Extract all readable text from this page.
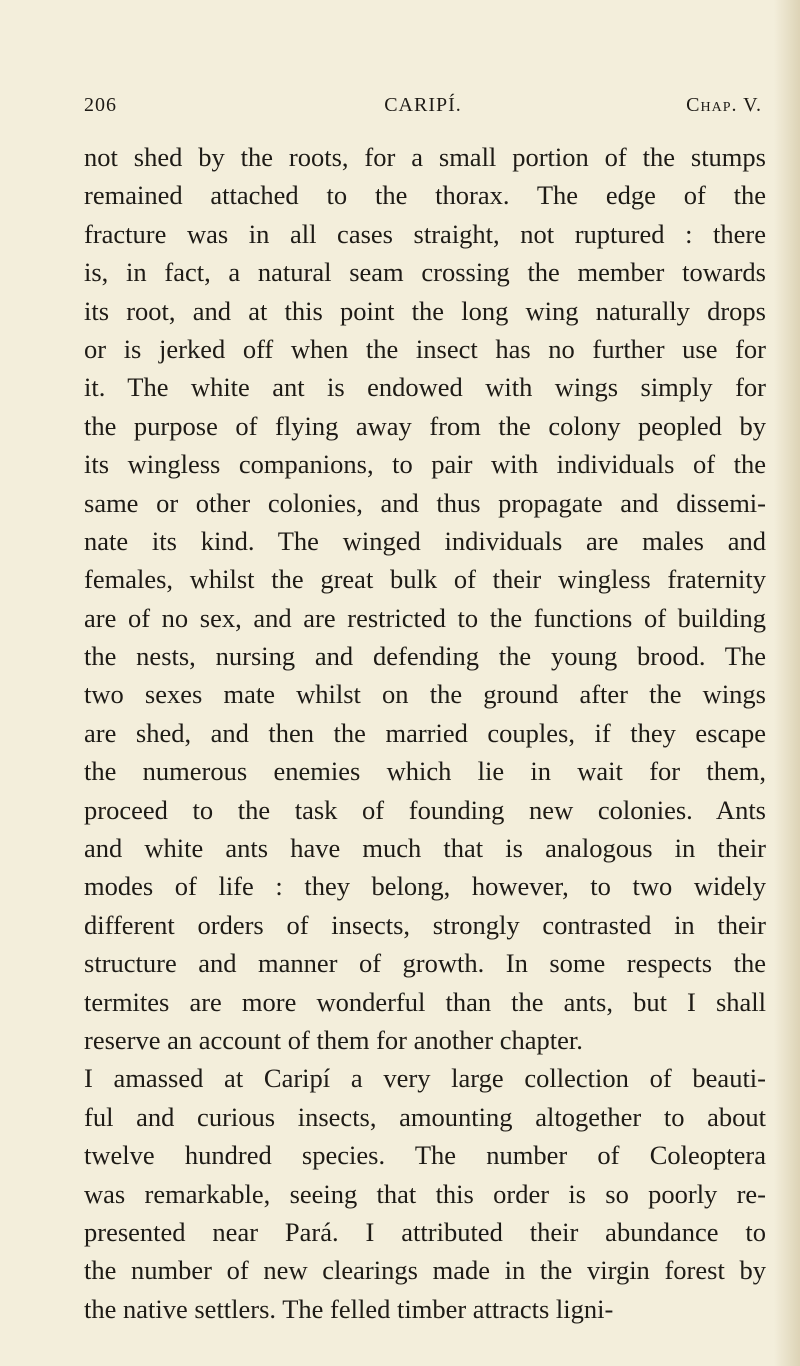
206	CARIPÍ.	Chap. V.
not shed by the roots, for a small portion of the stumps
remained attached to the thorax. The edge of the
fracture was in all cases straight, not ruptured : there
is, in fact, a natural seam crossing the member towards
its root, and at this point the long wing naturally drops
or is jerked off when the insect has no further use for
it. The white ant is endowed with wings simply for
the purpose of flying away from the colony peopled by
its wingless companions, to pair with individuals of the
same or other colonies, and thus propagate and dissemi-
nate its kind. The winged individuals are males and
females, whilst the great bulk of their wingless fraternity
are of no sex, and are restricted to the functions of building
the nests, nursing and defending the young brood. The
two sexes mate whilst on the ground after the wings
are shed, and then the married couples, if they escape
the numerous enemies which lie in wait for them,
proceed to the task of founding new colonies. Ants
and white ants have much that is analogous in their
modes of life : they belong, however, to two widely
different orders of insects, strongly contrasted in their
structure and manner of growth. In some respects the
termites are more wonderful than the ants, but I shall
reserve an account of them for another chapter.
I amassed at Caripí a very large collection of beauti-
ful and curious insects, amounting altogether to about
twelve hundred species. The number of Coleoptera
was remarkable, seeing that this order is so poorly re-
presented near Pará. I attributed their abundance to
the number of new clearings made in the virgin forest by
the native settlers. The felled timber attracts ligni-
